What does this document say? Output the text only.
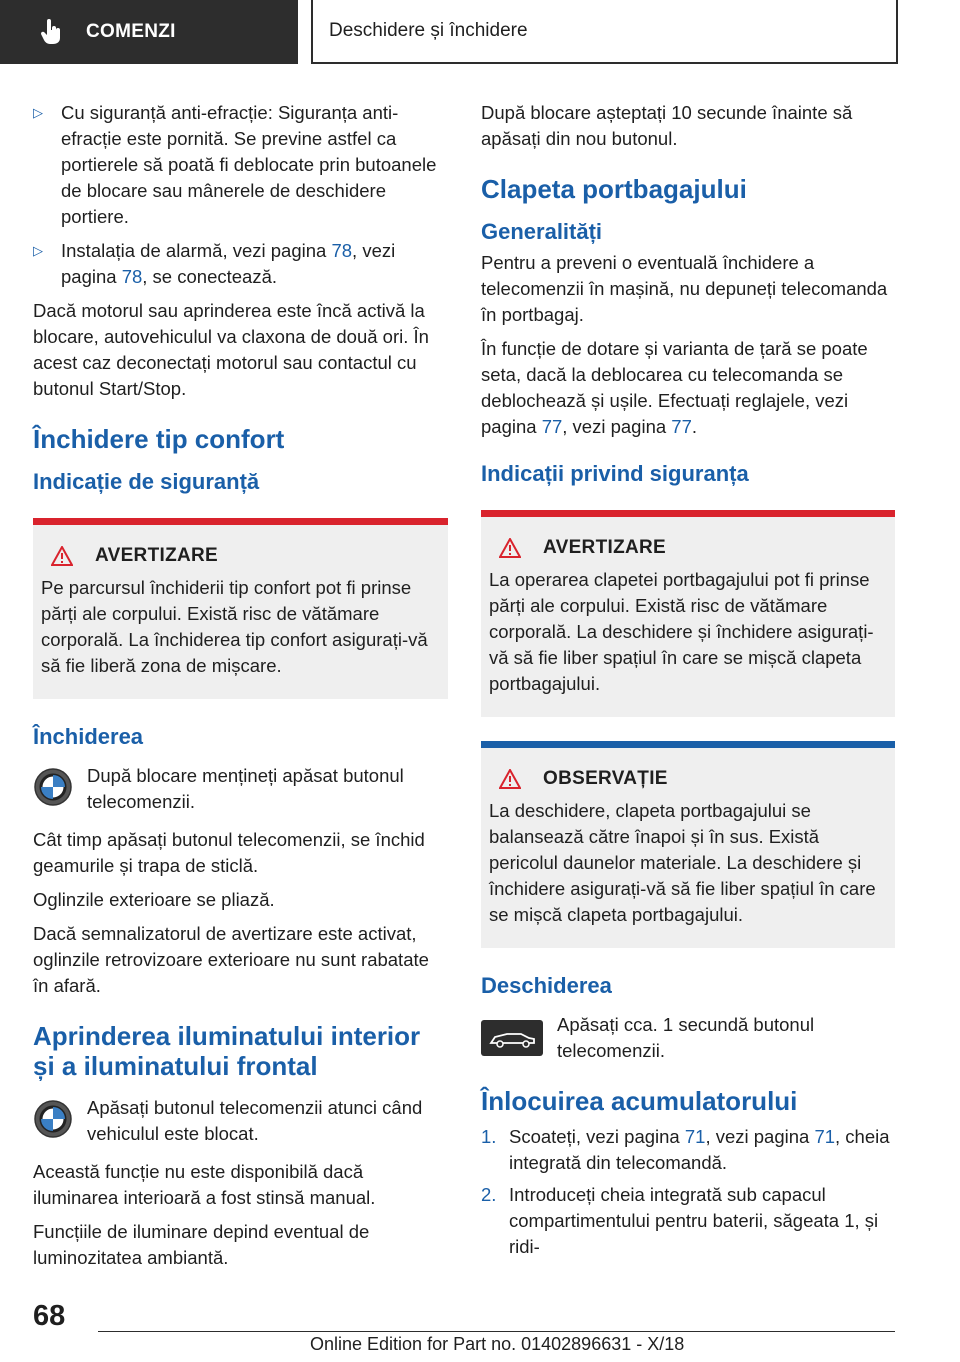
COMENZI	Deschidere și închidere
▷ Cu siguranță anti-efracție: Siguranța anti-efracție este pornită. Se previne astfel ca portierele să poată fi deblocate prin butoanele de blocare sau mânerele de deschidere portiere.
▷ Instalația de alarmă, vezi pagina 78, vezi pagina 78, se conectează.

Dacă motorul sau aprinderea este încă activă la blocare, autovehiculul va claxona de două ori. În acest caz deconectați motorul sau contactul cu butonul Start/Stop.

Închidere tip confort
Indicație de siguranță
AVERTIZARE

Pe parcursul închiderii tip confort pot fi prinse părți ale corpului. Există risc de vătămare corporală. La închiderea tip confort asigurați-vă să fie liberă zona de mișcare.

Închiderea

După blocare mențineți apăsat butonul telecomenzii.

Cât timp apăsați butonul telecomenzii, se închid geamurile și trapa de sticlă.

Oglinzile exterioare se pliază.

Dacă semnalizatorul de avertizare este activat, oglinzile retrovizoare exterioare nu sunt rabatate în afară.

Aprinderea iluminatului interior și a iluminatului frontal

Apăsați butonul telecomenzii atunci când vehiculul este blocat.

Această funcție nu este disponibilă dacă iluminarea interioară a fost stinsă manual.

Funcțiile de iluminare depind eventual de luminozitatea ambiantă.

După blocare așteptați 10 secunde înainte să apăsați din nou butonul.

Clapeta portbagajului
Generalități

Pentru a preveni o eventuală închidere a telecomenzii în mașină, nu depuneți telecomanda în portbagaj.

În funcție de dotare și varianta de țară se poate seta, dacă la deblocarea cu telecomanda se deblochează și ușile. Efectuați reglajele, vezi pagina 77, vezi pagina 77.

Indicații privind siguranța
AVERTIZARE

La operarea clapetei portbagajului pot fi prinse părți ale corpului. Există risc de vătămare corporală. La deschidere și închidere asigurați-vă să fie liber spațiul în care se mișcă clapeta portbagajului.

OBSERVAȚIE

La deschidere, clapeta portbagajului se balansează către înapoi și în sus. Există pericolul daunelor materiale. La deschidere și închidere asigurați-vă să fie liber spațiul în care se mișcă clapeta portbagajului.

Deschiderea

Apăsați cca. 1 secundă butonul telecomenzii.

Înlocuirea acumulatorului
1. Scoateți, vezi pagina 71, vezi pagina 71, cheia integrată din telecomandă.
2. Introduceți cheia integrată sub capacul compartimentului pentru baterii, săgeata 1, și ridi-
68
Online Edition for Part no. 01402896631 - X/18
